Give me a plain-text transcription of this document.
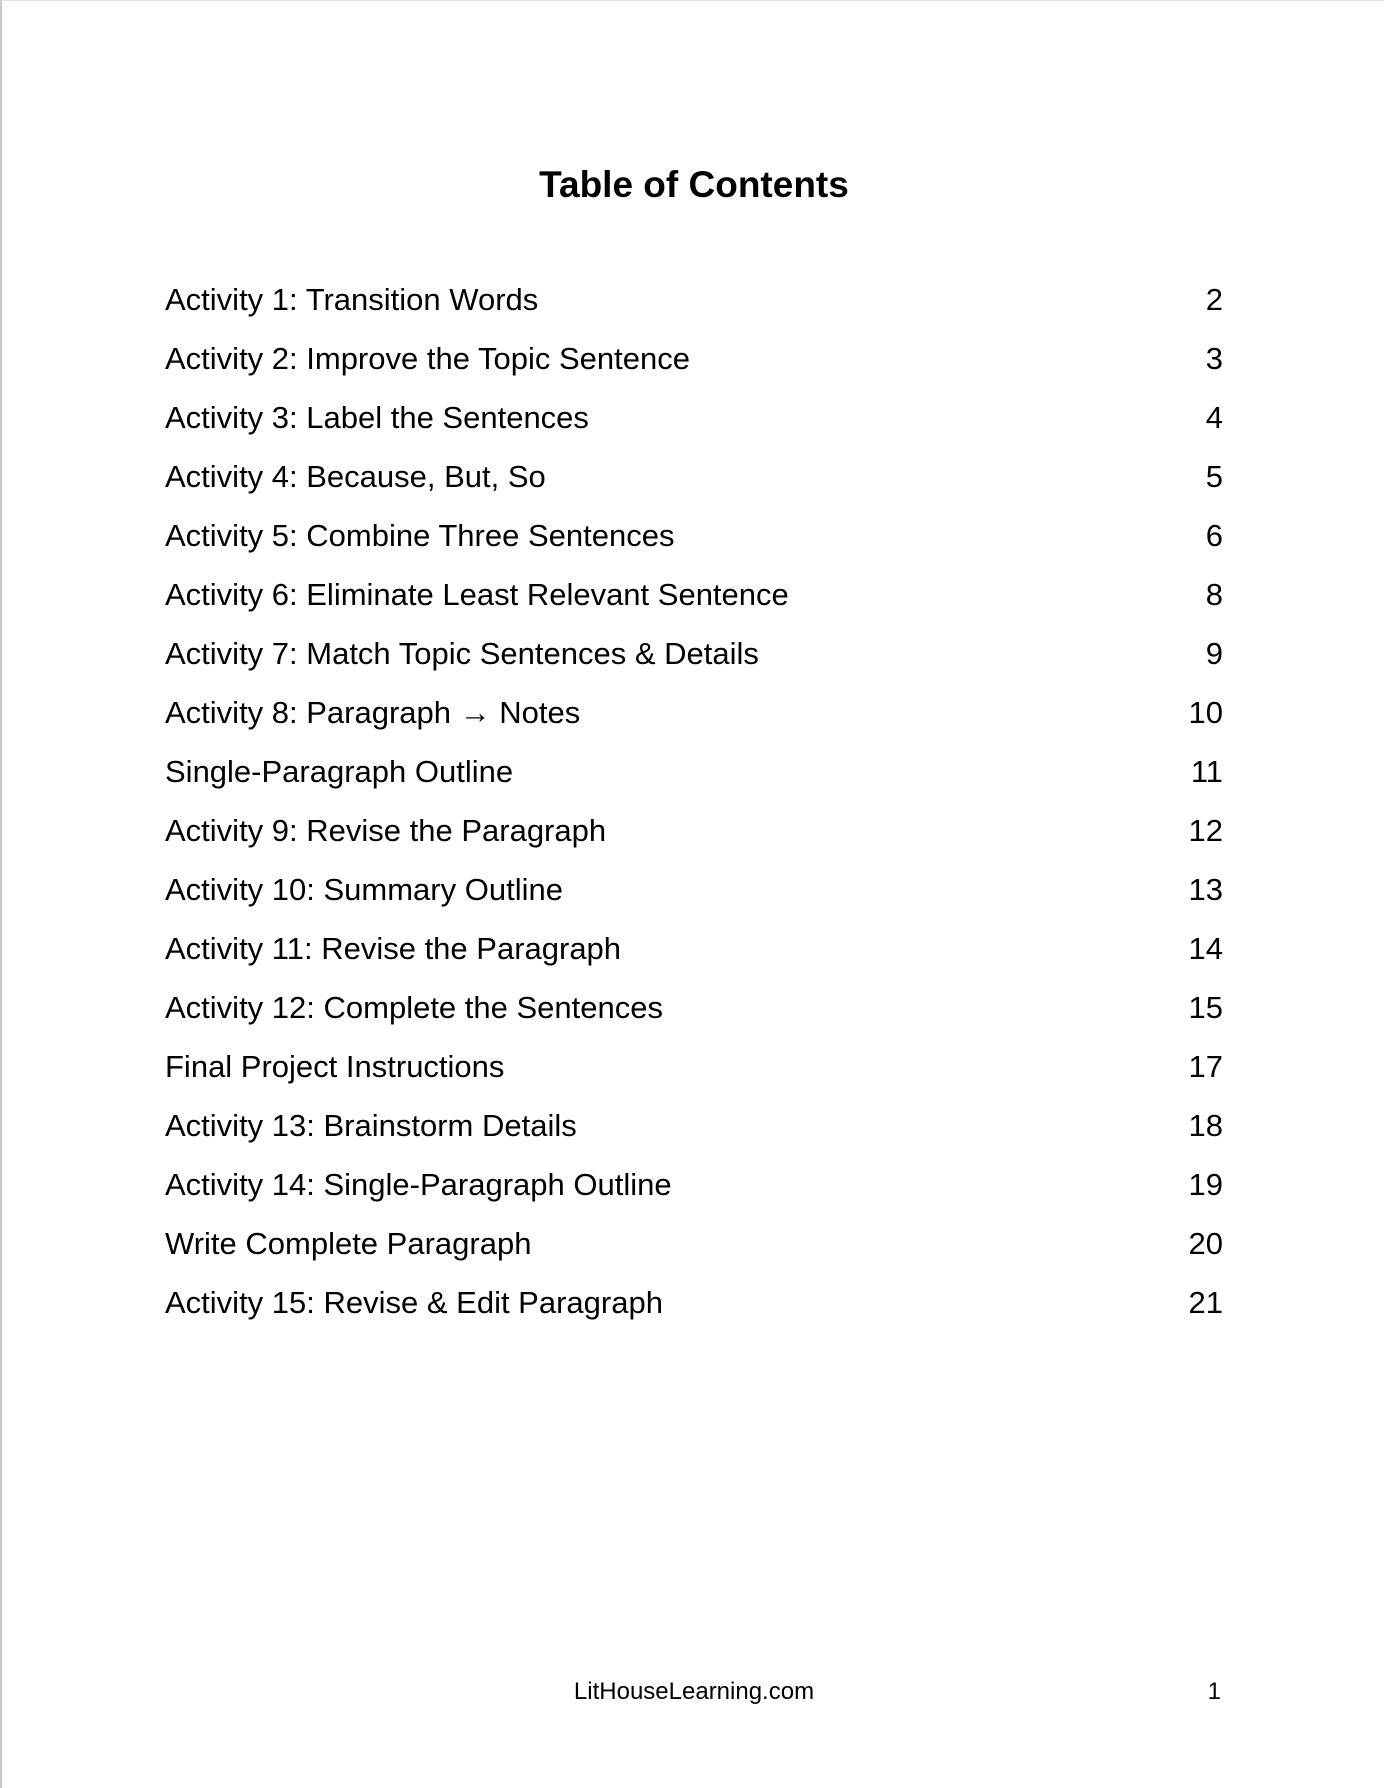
Table of Contents
Activity 1: Transition Words	2
Activity 2: Improve the Topic Sentence	3
Activity 3: Label the Sentences	4
Activity 4: Because, But, So	5
Activity 5: Combine Three Sentences	6
Activity 6: Eliminate Least Relevant Sentence	8
Activity 7: Match Topic Sentences & Details	9
Activity 8: Paragraph → Notes	10
Single-Paragraph Outline	11
Activity 9: Revise the Paragraph	12
Activity 10: Summary Outline	13
Activity 11: Revise the Paragraph	14
Activity 12: Complete the Sentences	15
Final Project Instructions	17
Activity 13: Brainstorm Details	18
Activity 14: Single-Paragraph Outline	19
Write Complete Paragraph	20
Activity 15: Revise & Edit Paragraph	21
LitHouseLearning.com	1
